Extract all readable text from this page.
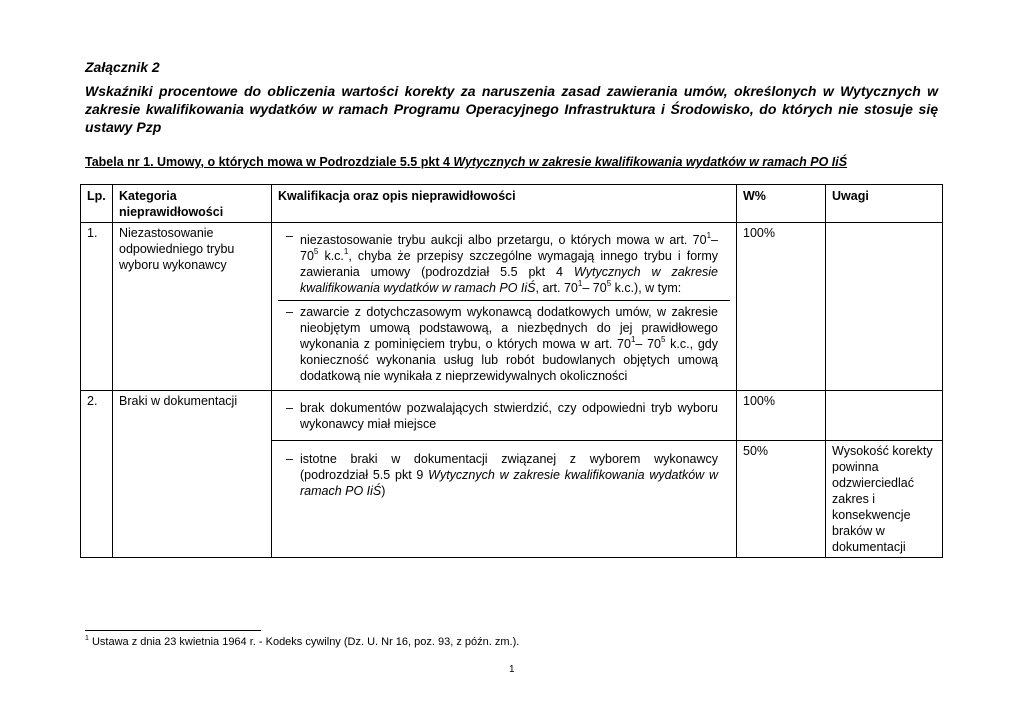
Załącznik 2
Wskaźniki procentowe do obliczenia wartości korekty za naruszenia zasad zawierania umów, określonych w Wytycznych w zakresie kwalifikowania wydatków w ramach Programu Operacyjnego Infrastruktura i Środowisko, do których nie stosuje się ustawy Pzp
Tabela nr 1. Umowy, o których mowa w Podrozdziale 5.5 pkt 4 Wytycznych w zakresie kwalifikowania wydatków w ramach PO IiŚ
Lp.	Kategoria nieprawidłowości	Kwalifikacja oraz opis nieprawidłowości	W%	Uwagi
1.	Niezastosowanie odpowiedniego trybu wyboru wykonawcy	– niezastosowanie trybu aukcji albo przetargu, o których mowa w art. $70^1-$ $70^5$ k.c.$^1$, chyba że przepisy szczególne wymagają innego trybu i formy zawierania umowy (podrozdział 5.5 pkt 4 Wytycznych w zakresie kwalifikowania wydatków w ramach PO IiŚ, art. $70^1-$ $70^5$ k.c.), w tym:
– zawarcie z dotychczasowym wykonawcą dodatkowych umów, w zakresie nieobjętym umową podstawową, a niezbędnych do jej prawidłowego wykonania z pominięciem trybu, o których mowa w art. $70^1-$ $70^5$ k.c., gdy konieczność wykonania usług lub robót budowlanych objętych umową dodatkową nie wynikała z nieprzewidywalnych okoliczności	100%	
2.	Braki w dokumentacji	– brak dokumentów pozwalających stwierdzić, czy odpowiedni tryb wyboru wykonawcy miał miejsce	100%	

		– istotne braki w dokumentacji związanej z wyborem wykonawcy (podrozdział 5.5 pkt 9 Wytycznych w zakresie kwalifikowania wydatków w ramach PO IiŚ)	50%	Wysokość korekty powinna odzwierciedlać zakres i konsekwencje braków w dokumentacji
$^1$ Ustawa z dnia 23 kwietnia 1964 r. - Kodeks cywilny (Dz. U. Nr 16, poz. 93, z późn. zm.).
1
